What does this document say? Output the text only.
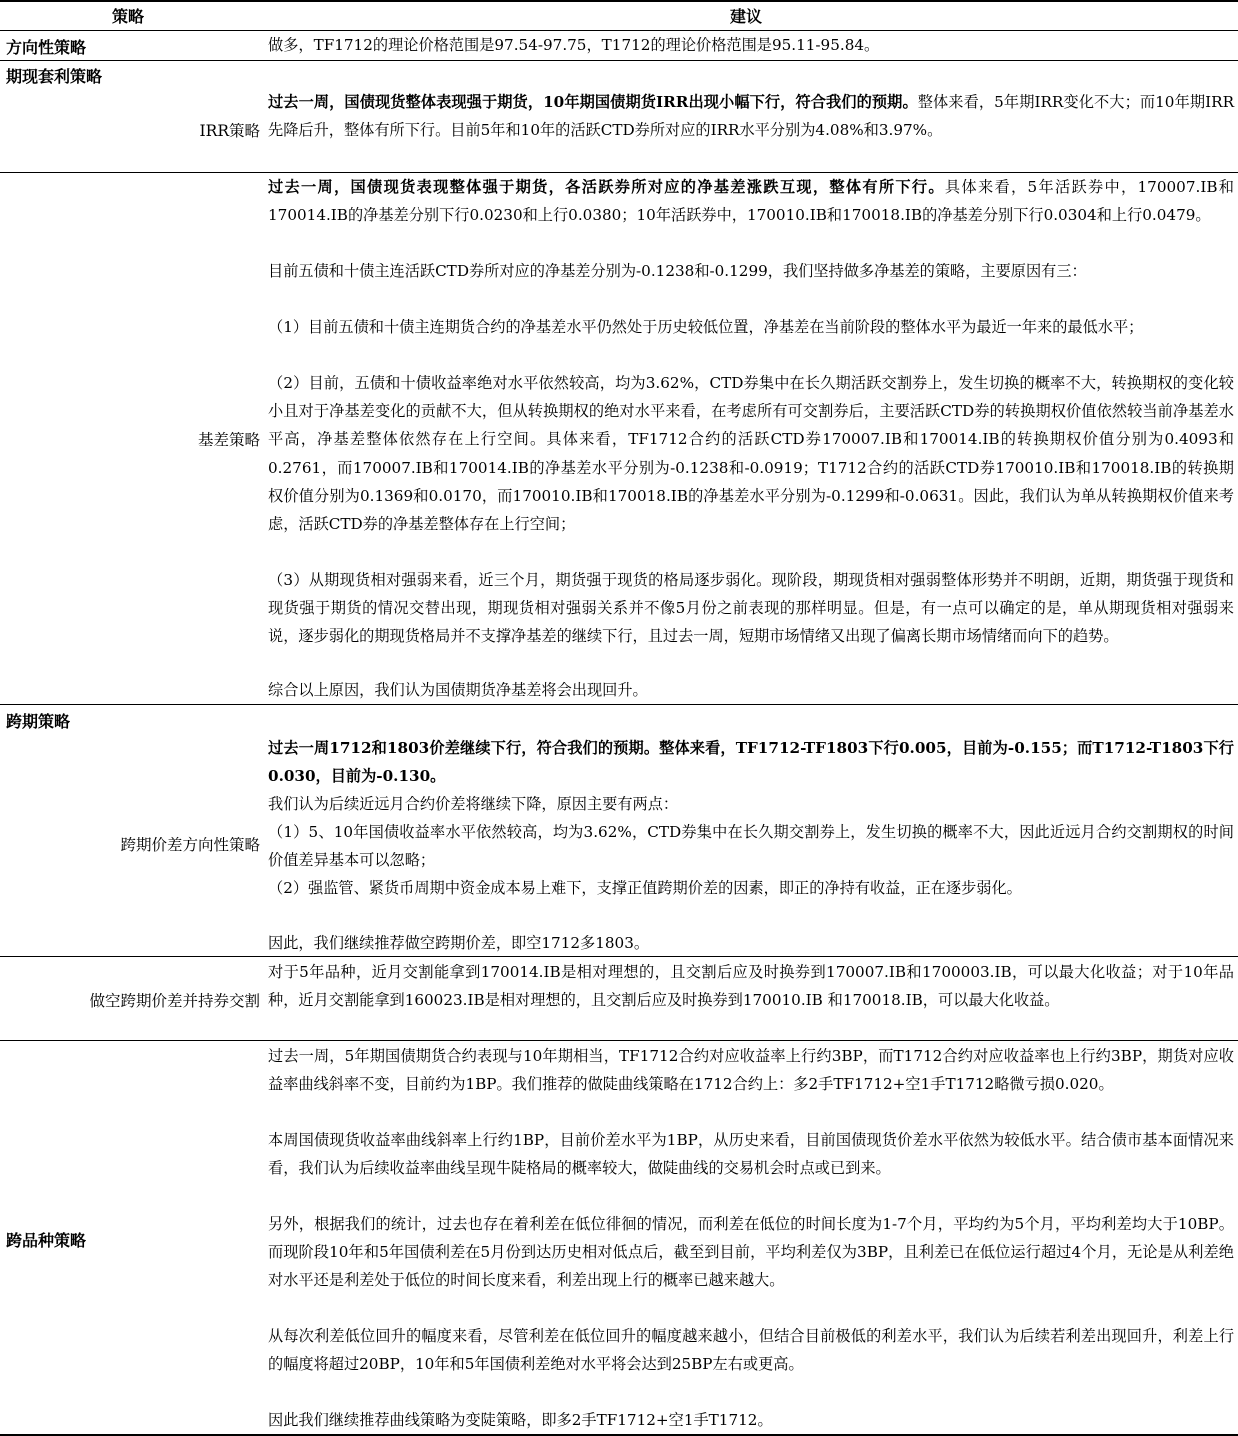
策略	建议
方向性策略	做多，TF1712的理论价格范围是97.54-97.75，T1712的理论价格范围是95.11-95.84。
期现套利策略
IRR策略
过去一周，国债现货整体表现强于期货，10年期国债期货IRR出现小幅下行，符合我们的预期。整体来看，5年期IRR变化不大；而10年期IRR先降后升，整体有所下行。目前5年和10年的活跃CTD券所对应的IRR水平分别为4.08%和3.97%。
基差策略
过去一周，国债现货表现整体强于期货，各活跃券所对应的净基差涨跌互现，整体有所下行。具体来看，5年活跃券中，170007.IB和170014.IB的净基差分别下行0.0230和上行0.0380；10年活跃券中，170010.IB和170018.IB的净基差分别下行0.0304和上行0.0479。
目前五债和十债主连活跃CTD券所对应的净基差分别为-0.1238和-0.1299，我们坚持做多净基差的策略，主要原因有三：
（1）目前五债和十债主连期货合约的净基差水平仍然处于历史较低位置，净基差在当前阶段的整体水平为最近一年来的最低水平；
（2）目前，五债和十债收益率绝对水平依然较高，均为3.62%，CTD券集中在长久期活跃交割券上，发生切换的概率不大，转换期权的变化较小且对于净基差变化的贡献不大，但从转换期权的绝对水平来看，在考虑所有可交割券后，主要活跃CTD券的转换期权价值依然较当前净基差水平高，净基差整体依然存在上行空间。具体来看，TF1712合约的活跃CTD券170007.IB和170014.IB的转换期权价值分别为0.4093和0.2761，而170007.IB和170014.IB的净基差水平分别为-0.1238和-0.0919；T1712合约的活跃CTD券170010.IB和170018.IB的转换期权价值分别为0.1369和0.0170，而170010.IB和170018.IB的净基差水平分别为-0.1299和-0.0631。因此，我们认为单从转换期权价值来考虑，活跃CTD券的净基差整体存在上行空间；
（3）从期现货相对强弱来看，近三个月，期货强于现货的格局逐步弱化。现阶段，期现货相对强弱整体形势并不明朗，近期，期货强于现货和现货强于期货的情况交替出现，期现货相对强弱关系并不像5月份之前表现的那样明显。但是，有一点可以确定的是，单从期现货相对强弱来说，逐步弱化的期现货格局并不支撑净基差的继续下行，且过去一周，短期市场情绪又出现了偏离长期市场情绪而向下的趋势。
综合以上原因，我们认为国债期货净基差将会出现回升。
跨期策略
跨期价差方向性策略
过去一周1712和1803价差继续下行，符合我们的预期。整体来看，TF1712-TF1803下行0.005，目前为-0.155；而T1712-T1803下行0.030，目前为-0.130。
我们认为后续近远月合约价差将继续下降，原因主要有两点：
（1）5、10年国债收益率水平依然较高，均为3.62%，CTD券集中在长久期交割券上，发生切换的概率不大，因此近远月合约交割期权的时间价值差异基本可以忽略；
（2）强监管、紧货币周期中资金成本易上难下，支撑正值跨期价差的因素，即正的净持有收益，正在逐步弱化。
因此，我们继续推荐做空跨期价差，即空1712多1803。
做空跨期价差并持券交割
对于5年品种，近月交割能拿到170014.IB是相对理想的，且交割后应及时换券到170007.IB和1700003.IB，可以最大化收益；对于10年品种，近月交割能拿到160023.IB是相对理想的，且交割后应及时换券到170010.IB 和170018.IB，可以最大化收益。
跨品种策略
过去一周，5年期国债期货合约表现与10年期相当，TF1712合约对应收益率上行约3BP，而T1712合约对应收益率也上行约3BP，期货对应收益率曲线斜率不变，目前约为1BP。我们推荐的做陡曲线策略在1712合约上：多2手TF1712+空1手T1712略微亏损0.020。
本周国债现货收益率曲线斜率上行约1BP，目前价差水平为1BP，从历史来看，目前国债现货价差水平依然为较低水平。结合债市基本面情况来看，我们认为后续收益率曲线呈现牛陡格局的概率较大，做陡曲线的交易机会时点或已到来。
另外，根据我们的统计，过去也存在着利差在低位徘徊的情况，而利差在低位的时间长度为1-7个月，平均约为5个月，平均利差均大于10BP。而现阶段10年和5年国债利差在5月份到达历史相对低点后，截至到目前，平均利差仅为3BP，且利差已在低位运行超过4个月，无论是从利差绝对水平还是利差处于低位的时间长度来看，利差出现上行的概率已越来越大。
从每次利差低位回升的幅度来看，尽管利差在低位回升的幅度越来越小，但结合目前极低的利差水平，我们认为后续若利差出现回升，利差上行的幅度将超过20BP，10年和5年国债利差绝对水平将会达到25BP左右或更高。
因此我们继续推荐曲线策略为变陡策略，即多2手TF1712+空1手T1712。
